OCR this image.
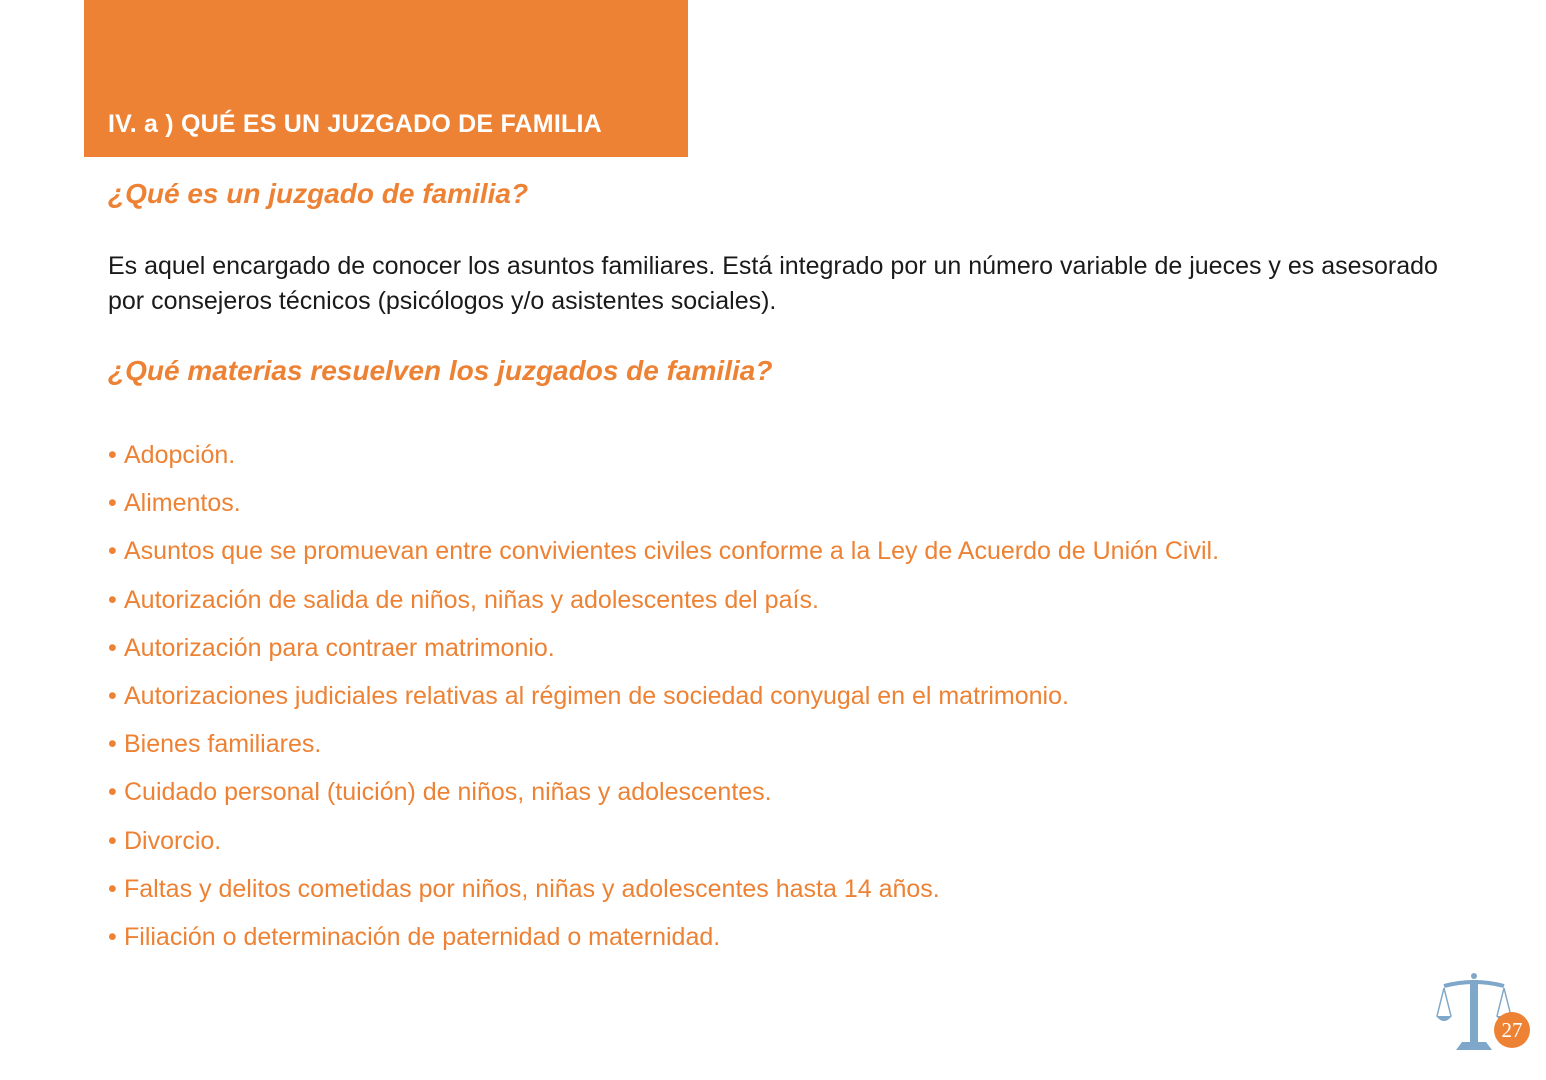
IV. a ) QUÉ ES UN JUZGADO DE FAMILIA
¿Qué es un juzgado de familia?

Es aquel encargado de conocer los asuntos familiares. Está integrado por un número variable de jueces y es asesorado por consejeros técnicos (psicólogos y/o asistentes sociales).

¿Qué materias resuelven los juzgados de familia?
• Adopción.
• Alimentos.
• Asuntos que se promuevan entre convivientes civiles conforme a la Ley de Acuerdo de Unión Civil.
• Autorización de salida de niños, niñas y adolescentes del país.
• Autorización para contraer matrimonio.
• Autorizaciones judiciales relativas al régimen de sociedad conyugal en el matrimonio.
• Bienes familiares.
• Cuidado personal (tuición) de niños, niñas y adolescentes.
• Divorcio.
• Faltas y delitos cometidas por niños, niñas y adolescentes hasta 14 años.
• Filiación o determinación de paternidad o maternidad.
27
